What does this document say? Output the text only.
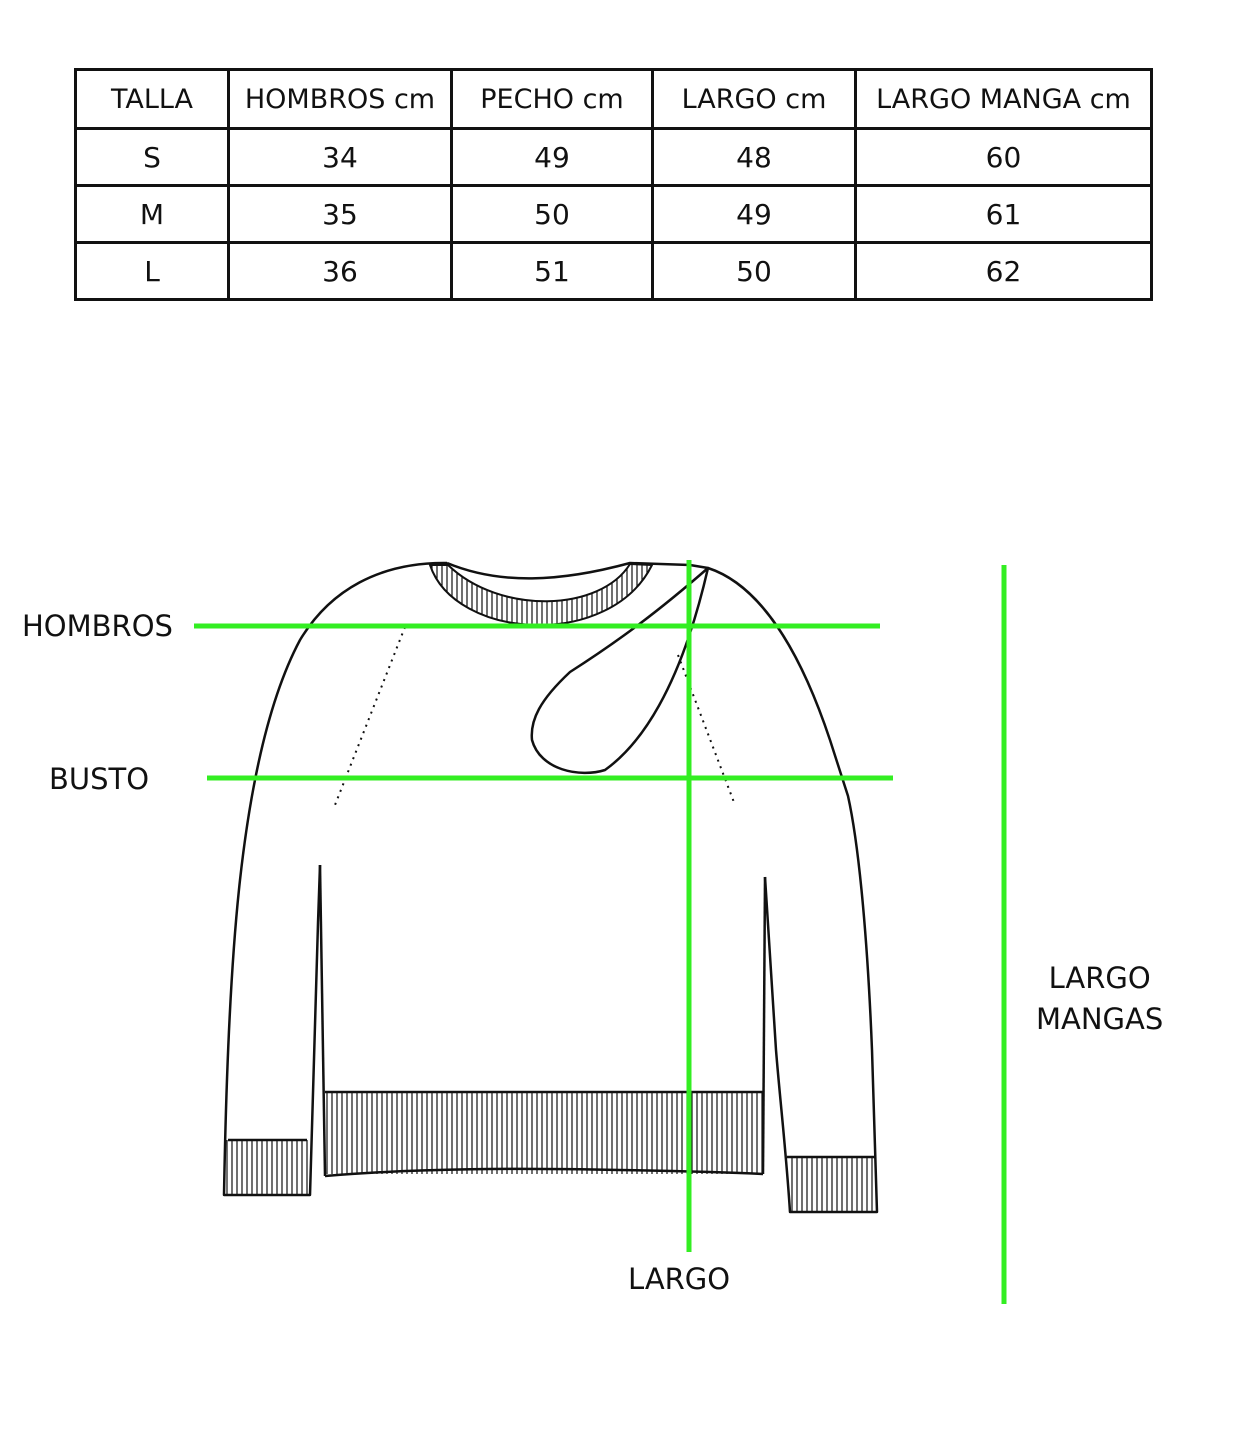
TALLA	HOMBROS cm	PECHO cm	LARGO cm	LARGO MANGA cm
S	34	49	48	60
M	35	50	49	61
L	36	51	50	62
HOMBROS
BUSTO
LARGO
LARGO
MANGAS
